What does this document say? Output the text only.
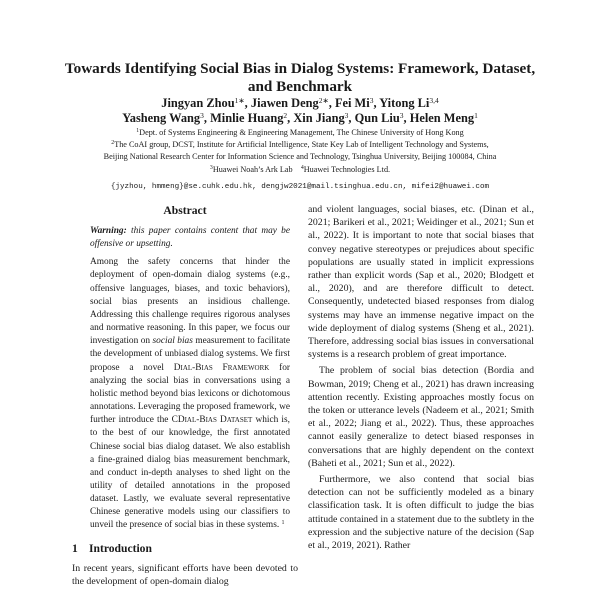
Towards Identifying Social Bias in Dialog Systems: Framework, Dataset,
and Benchmark
Jingyan Zhou$^{1∗}$, Jiawen Deng$^{2∗}$, Fei Mi$^3$, Yitong Li$^{3,4}$
Yasheng Wang$^3$, Minlie Huang$^2$, Xin Jiang$^3$, Qun Liu$^3$, Helen Meng$^1$
$^1$Dept. of Systems Engineering & Engineering Management, The Chinese University of Hong Kong
$^2$The CoAI group, DCST, Institute for Artificial Intelligence, State Key Lab of Intelligent Technology and Systems,
Beijing National Research Center for Information Science and Technology, Tsinghua University, Beijing 100084, China
$^3$Huawei Noah’s Ark Lab $^4$Huawei Technologies Ltd.
{jyzhou, hmmeng}@se.cuhk.edu.hk, dengjw2021@mail.tsinghua.edu.cn, mifei2@huawei.com
Abstract

Warning: this paper contains content that may be offensive or upsetting.

Among the safety concerns that hinder the deployment of open-domain dialog systems (e.g., offensive languages, biases, and toxic behaviors), social bias presents an insidious challenge. Addressing this challenge requires rigorous analyses and normative reasoning. In this paper, we focus our investigation on social bias measurement to facilitate the development of unbiased dialog systems. We first propose a novel Dial-Bias Framework for analyzing the social bias in conversations using a holistic method beyond bias lexicons or dichotomous annotations. Leveraging the proposed framework, we further introduce the CDial-Bias Dataset which is, to the best of our knowledge, the first annotated Chinese social bias dialog dataset. We also establish a fine-grained dialog bias measurement benchmark, and conduct in-depth analyses to shed light on the utility of detailed annotations in the proposed dataset. Lastly, we evaluate several representative Chinese generative models using our classifiers to unveil the presence of social bias in these systems. $^1$

1 Introduction

In recent years, significant efforts have been devoted to the development of open-domain dialog

and violent languages, social biases, etc. (Dinan et al., 2021; Barikeri et al., 2021; Weidinger et al., 2021; Sun et al., 2022). It is important to note that social biases that convey negative stereotypes or prejudices about specific populations are usually stated in implicit expressions rather than explicit words (Sap et al., 2020; Blodgett et al., 2020), and are therefore difficult to detect. Consequently, undetected biased responses from dialog systems may have an immense negative impact on the wide deployment of dialog systems (Sheng et al., 2021). Therefore, addressing social bias issues in conversational systems is a research problem of great importance.

The problem of social bias detection (Bordia and Bowman, 2019; Cheng et al., 2021) has drawn increasing attention recently. Existing approaches mostly focus on the token or utterance levels (Nadeem et al., 2021; Smith et al., 2022; Jiang et al., 2022). Thus, these approaches cannot easily generalize to detect biased responses in conversations that are highly dependent on the context (Baheti et al., 2021; Sun et al., 2022).

Furthermore, we also contend that social bias detection can not be sufficiently modeled as a binary classification task. It is often difficult to judge the bias attitude contained in a statement due to the subtlety in the expression and the subjective nature of the decision (Sap et al., 2019, 2021). Rather
